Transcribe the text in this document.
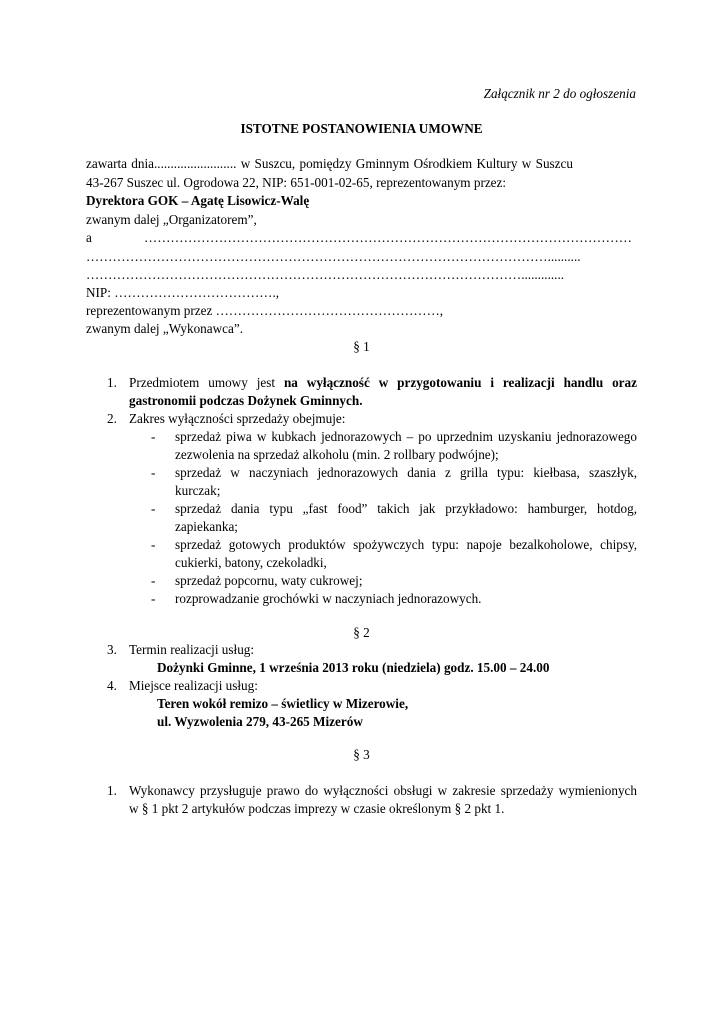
Załącznik nr 2 do ogłoszenia
ISTOTNE POSTANOWIENIA UMOWNE
zawarta dnia......................... w Suszcu, pomiędzy Gminnym Ośrodkiem Kultury w Suszcu
43-267 Suszec ul. Ogrodowa 22, NIP: 651-001-02-65, reprezentowanym przez:
Dyrektora GOK – Agatę Lisowicz-Walę
zwanym dalej „Organizatorem”,
a	…………………………………………………………………………………………………
……………………………………………………………………………………………..........
……………………………………………………………………………………….............
NIP: ……………………………….,
reprezentowanym przez ……………………………………………,
zwanym dalej „Wykonawca”.
§ 1
1. Przedmiotem umowy jest na wyłączność w przygotowaniu i realizacji handlu oraz
gastronomii podczas Dożynek Gminnych.
2. Zakres wyłączności sprzedaży obejmuje:
- sprzedaż piwa w kubkach jednorazowych – po uprzednim uzyskaniu jednorazowego
zezwolenia na sprzedaż alkoholu (min. 2 rollbary podwójne);
- sprzedaż w naczyniach jednorazowych dania z grilla typu: kiełbasa, szaszłyk,
kurczak;
- sprzedaż dania typu „fast food” takich jak przykładowo: hamburger, hotdog,
zapiekanka;
- sprzedaż gotowych produktów spożywczych typu: napoje bezalkoholowe, chipsy,
cukierki, batony, czekoladki,
- sprzedaż popcornu, waty cukrowej;
- rozprowadzanie grochówki w naczyniach jednorazowych.
§ 2
3. Termin realizacji usług:
Dożynki Gminne, 1 września 2013 roku (niedziela) godz. 15.00 – 24.00
4. Miejsce realizacji usług:
Teren wokół remizo – świetlicy w Mizerowie,
ul. Wyzwolenia 279, 43-265 Mizerów
§ 3
1. Wykonawcy przysługuje prawo do wyłączności obsługi w zakresie sprzedaży wymienionych
w § 1 pkt 2 artykułów podczas imprezy w czasie określonym § 2 pkt 1.
